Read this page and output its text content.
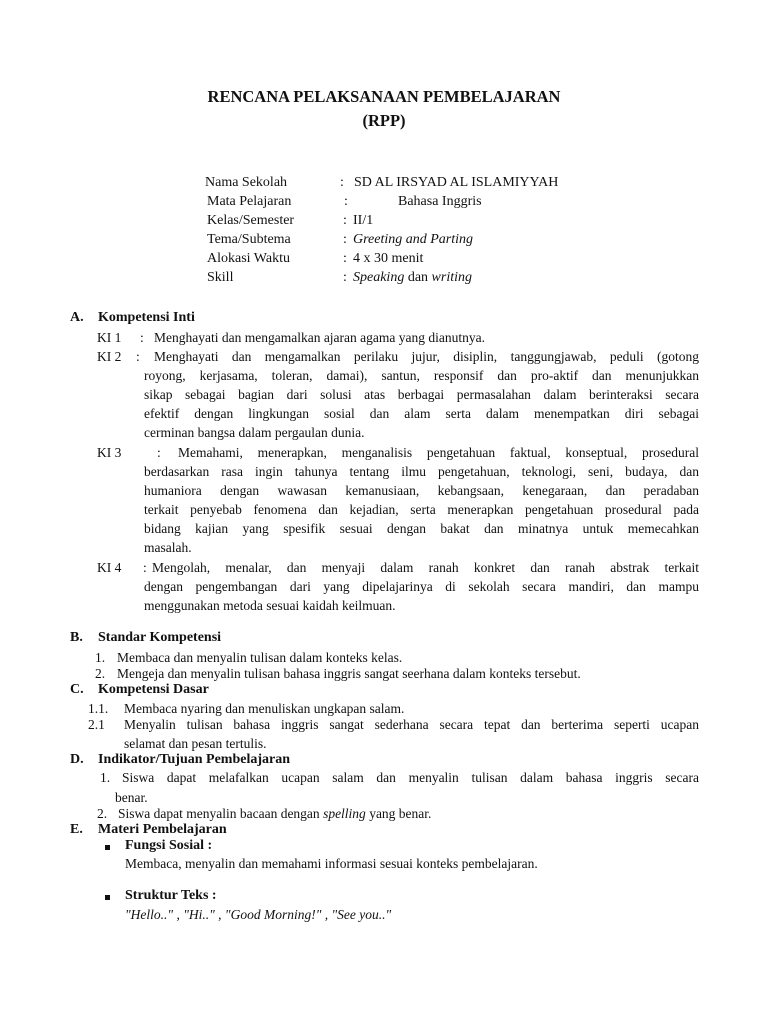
RENCANA PELAKSANAAN PEMBELAJARAN
(RPP)
Nama Sekolah	: SD AL IRSYAD AL ISLAMIYYAH
Mata Pelajaran	:	Bahasa Inggris
Kelas/Semester	: II/1
Tema/Subtema	: Greeting and Parting
Alokasi Waktu	: 4 x 30 menit
Skill	: Speaking dan writing
A. Kompetensi Inti
KI 1 : Menghayati dan mengamalkan ajaran agama yang dianutnya.
KI 2 : Menghayati dan mengamalkan perilaku jujur, disiplin, tanggungjawab, peduli (gotong
royong, kerjasama, toleran, damai), santun, responsif dan pro-aktif dan menunjukkan
sikap sebagai bagian dari solusi atas berbagai permasalahan dalam berinteraksi secara
efektif dengan lingkungan sosial dan alam serta dalam menempatkan diri sebagai
cerminan bangsa dalam pergaulan dunia.
KI 3	: Memahami, menerapkan, menganalisis pengetahuan faktual, konseptual, prosedural
berdasarkan rasa ingin tahunya tentang ilmu pengetahuan, teknologi, seni, budaya, dan
humaniora dengan wawasan kemanusiaan, kebangsaan, kenegaraan, dan peradaban
terkait penyebab fenomena dan kejadian, serta menerapkan pengetahuan prosedural pada
bidang kajian yang spesifik sesuai dengan bakat dan minatnya untuk memecahkan
masalah.
KI 4 : Mengolah, menalar, dan menyaji dalam ranah konkret dan ranah abstrak terkait
dengan pengembangan dari yang dipelajarinya di sekolah secara mandiri, dan mampu
menggunakan metoda sesuai kaidah keilmuan.
B. Standar Kompetensi
1. Membaca dan menyalin tulisan dalam konteks kelas.
2. Mengeja dan menyalin tulisan bahasa inggris sangat seerhana dalam konteks tersebut.
C. Kompetensi Dasar
1.1. Membaca nyaring dan menuliskan ungkapan salam.
2.1 Menyalin tulisan bahasa inggris sangat sederhana secara tepat dan berterima seperti ucapan
selamat dan pesan tertulis.
D. Indikator/Tujuan Pembelajaran
1. Siswa dapat melafalkan ucapan salam dan menyalin tulisan dalam bahasa inggris secara
benar.
2. Siswa dapat menyalin bacaan dengan spelling yang benar.
E. Materi Pembelajaran
Fungsi Sosial :
Membaca, menyalin dan memahami informasi sesuai konteks pembelajaran.
Struktur Teks :
"Hello.." , "Hi.." , "Good Morning!" , "See you.."
